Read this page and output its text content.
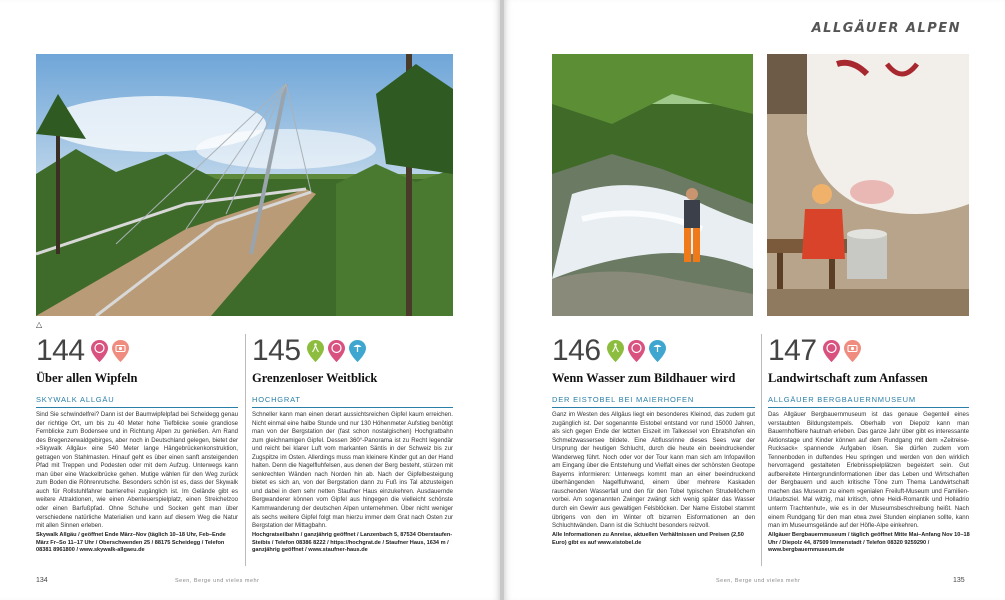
△
144
Über allen Wipfeln
SKYWALK ALLGÄU
Sind Sie schwindelfrei? Dann ist der Baumwipfelpfad bei Scheidegg genau der richtige Ort, um bis zu 40 Meter hohe Tiefblicke sowie grandiose Fernblicke zum Bodensee und in Richtung Alpen zu genießen. Am Rand des Bregenzerwaldgebirges, aber noch in Deutschland gelegen, bietet der »Skywalk Allgäu« eine 540 Meter lange Hängebrückenkonstruktion, getragen von Stahlmasten. Hinauf geht es über einen sanft ansteigenden Pfad mit Treppen und Podesten oder mit dem Aufzug. Unterwegs kann man über eine Wackelbrücke gehen. Mutige wählen für den Weg zurück zum Boden die Röhrenrutsche. Besonders schön ist es, dass der Skywalk auch für Rollstuhlfahrer barrierefrei zugänglich ist. Im Gelände gibt es weitere Attraktionen, wie einen Abenteuerspielplatz, einen Streichelzoo oder einen Barfußpfad. Ohne Schuhe und Socken geht man über verschiedene natürliche Materialien und kann auf diesem Weg die Natur mit allen Sinnen erleben.
Skywalk Allgäu / geöffnet Ende März–Nov (täglich 10–18 Uhr, Feb–Ende März Fr–So 11–17 Uhr / Oberschwenden 25 / 88175 Scheidegg / Telefon 08381 8961800 / www.skywalk-allgaeu.de
145
Grenzenloser Weitblick
HOCHGRAT
Schneller kann man einen derart aussichtsreichen Gipfel kaum erreichen. Nicht einmal eine halbe Stunde und nur 130 Höhenmeter Aufstieg benötigt man von der Bergstation der (fast schon nostalgischen) Hochgratbahn zum gleichnamigen Gipfel. Dessen 360°-Panorama ist zu Recht legendär und reicht bei klarer Luft vom markanten Säntis in der Schweiz bis zur Zugspitze im Osten. Allerdings muss man kleinere Kinder gut an der Hand halten. Denn die Nagelfluhfelsen, aus denen der Berg besteht, stürzen mit senkrechten Wänden nach Norden hin ab. Nach der Gipfelbesteigung bietet es sich an, von der Bergstation dann zu Fuß ins Tal abzusteigen und dabei in dem sehr netten Staufner Haus einzukehren. Ausdauernde Bergwanderer können vom Gipfel aus hingegen die vielleicht schönste Kammwanderung der deutschen Alpen unternehmen. Über nicht weniger als sechs weitere Gipfel folgt man hierzu immer dem Grat nach Osten zur Bergstation der Mittagbahn.
Hochgratseilbahn / ganzjährig geöffnet / Lanzenbach 5, 87534 Oberstaufen-Steibis / Telefon 08386 8222 / https://hochgrat.de / Staufner Haus, 1634 m / ganzjährig geöffnet / www.staufner-haus.de
134	Seen, Berge und vieles mehr
ALLGÄUER ALPEN
146
Wenn Wasser zum Bildhauer wird
DER EISTOBEL BEI MAIERHOFEN
Ganz im Westen des Allgäus liegt ein besonderes Kleinod, das zudem gut zugänglich ist. Der sogenannte Eistobel entstand vor rund 15000 Jahren, als sich gegen Ende der letzten Eiszeit im Talkessel von Ebratshofen ein Schmelzwassersee bildete. Eine Abflussrinne dieses Sees war der Ursprung der heutigen Schlucht, durch die heute ein beeindruckender Wanderweg führt. Noch oder vor der Tour kann man sich am Infopavillon am Eingang über die Entstehung und Vielfalt eines der schönsten Geotope Bayerns informieren: Unterwegs kommt man an einer beeindruckend überhängenden Nagelfluhwand, einem über mehrere Kaskaden rauschenden Wasserfall und den für den Tobel typischen Strudellöchern vorbei. Am sogenannten Zwinger zwängt sich wenig später das Wasser durch ein Gewirr aus gewaltigen Felsblöcken. Der Name Eistobel stammt übrigens von den im Winter oft bizarren Eisformationen an den Schluchtwänden. Dann ist die Schlucht besonders reizvoll.
Alle Informationen zu Anreise, aktuellen Verhältnissen und Preisen (2,50 Euro) gibt es auf www.eistobel.de
147
Landwirtschaft zum Anfassen
ALLGÄUER BERGBAUERNMUSEUM
Das Allgäuer Bergbauernmuseum ist das genaue Gegenteil eines verstaubten Bildungstempels. Oberhalb von Diepolz kann man Bauernhoftiere hautnah erleben. Das ganze Jahr über gibt es interessante Aktionstage und Kinder können auf dem Rundgang mit dem »Zeitreise-Rucksack« spannende Aufgaben lösen. Sie dürfen zudem vom Tennenboden in duftendes Heu springen und werden von den wirklich hervorragend gestalteten Erlebnisspielplätzen begeistert sein. Gut aufbereitete Hintergrundinformationen über das Leben und Wirtschaften der Bergbauern und auch kritische Töne zum Thema Landwirtschaft machen das Museum zu einem »genialen Freiluft-Museum und Familien-Urlaubsziel. Mal witzig, mal kritisch, ohne Heidi-Romantik und Holladrio unterm Trachtenhut«, wie es in der Museumsbeschreibung heißt. Nach einem Rundgang für den man etwa zwei Stunden einplanen sollte, kann man im Museumsgelände auf der Höfle-Alpe einkehren.
Allgäuer Bergbauernmuseum / täglich geöffnet Mitte Mai–Anfang Nov 10–18 Uhr / Diepolz 44, 87509 Immenstadt / Telefon 08320 9259290 / www.bergbauernmuseum.de
Seen, Berge und vieles mehr	135
